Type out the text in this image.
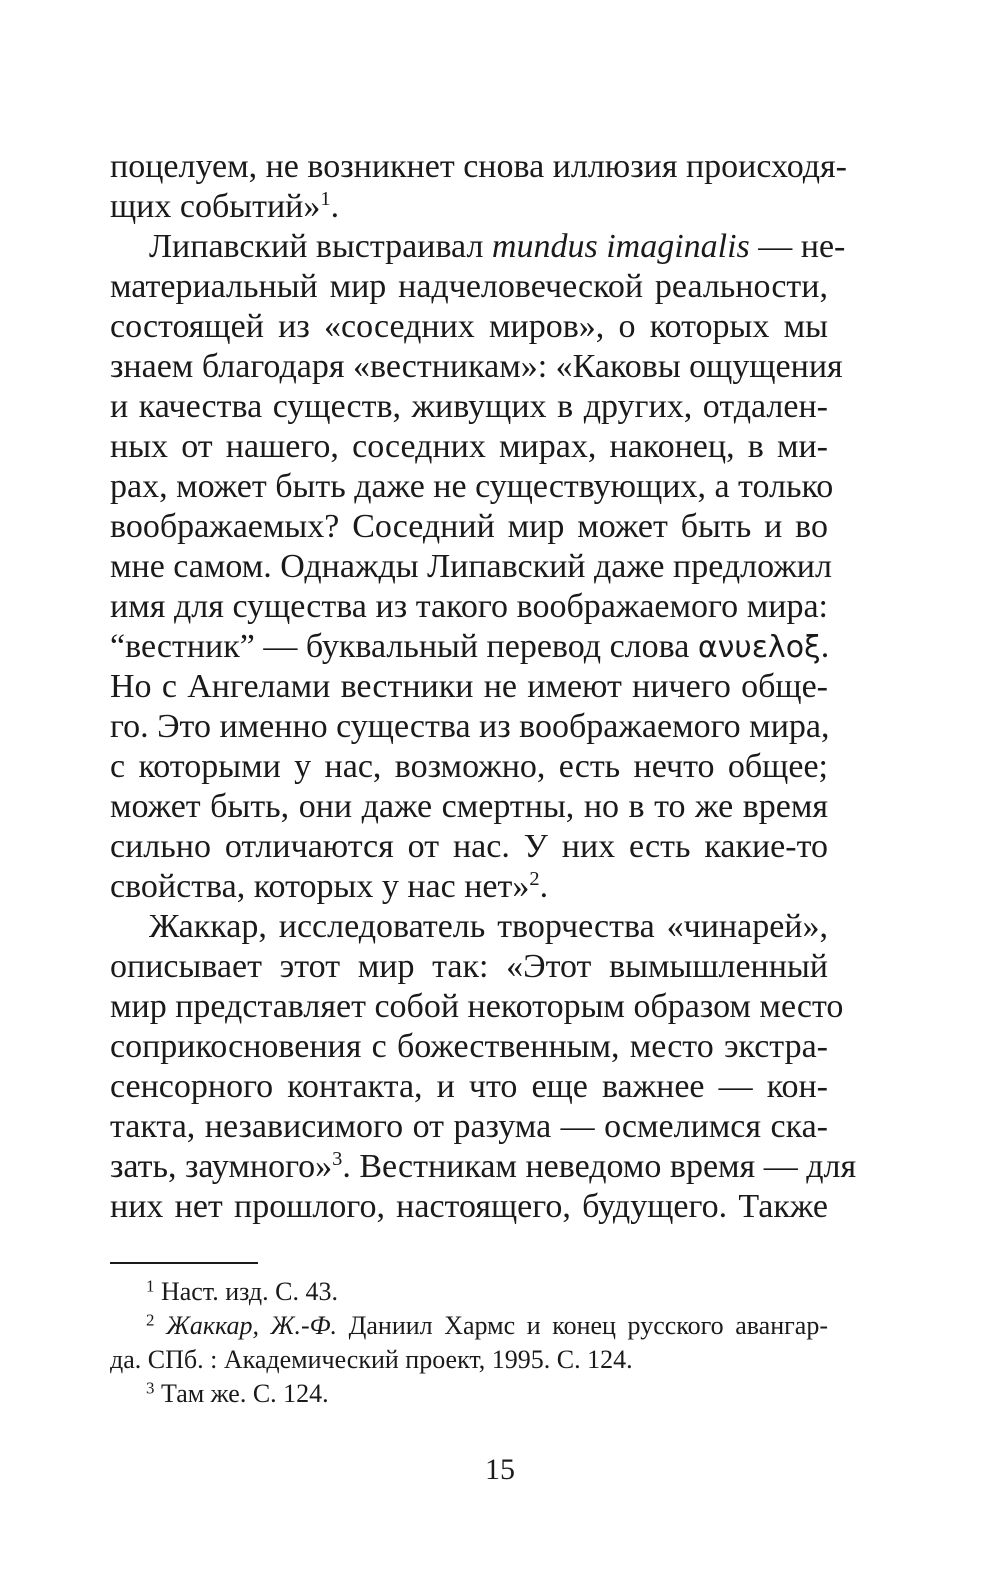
поцелуем, не возникнет снова иллюзия происходя-
щих событий»$^1$.
Липавский выстраивал mundus imaginalis — не-
материальный мир надчеловеческой реальности,
состоящей из «соседних миров», о которых мы
знаем благодаря «вестникам»: «Каковы ощущения
и качества существ, живущих в других, отдален-
ных от нашего, соседних мирах, наконец, в ми-
рах, может быть даже не существующих, а только
воображаемых? Соседний мир может быть и во
мне самом. Однажды Липавский даже предложил
имя для существа из такого воображаемого мира:
“вестник” — буквальный перевод слова ανυελοξ.
Но с Ангелами вестники не имеют ничего обще-
го. Это именно существа из воображаемого мира,
с которыми у нас, возможно, есть нечто общее;
может быть, они даже смертны, но в то же время
сильно отличаются от нас. У них есть какие-то
свойства, которых у нас нет»$^2$.
Жаккар, исследователь творчества «чинарей»,
описывает этот мир так: «Этот вымышленный
мир представляет собой некоторым образом место
соприкосновения с божественным, место экстра-
сенсорного контакта, и что еще важнее — кон-
такта, независимого от разума — осмелимся ска-
зать, заумного»$^3$. Вестникам неведомо время — для
них нет прошлого, настоящего, будущего. Также
$^1$ Наст. изд. С. 43.
$^2$ Жаккар, Ж.-Ф. Даниил Хармс и конец русского авангар-
да. СПб. : Академический проект, 1995. С. 124.
$^3$ Там же. С. 124.
15
